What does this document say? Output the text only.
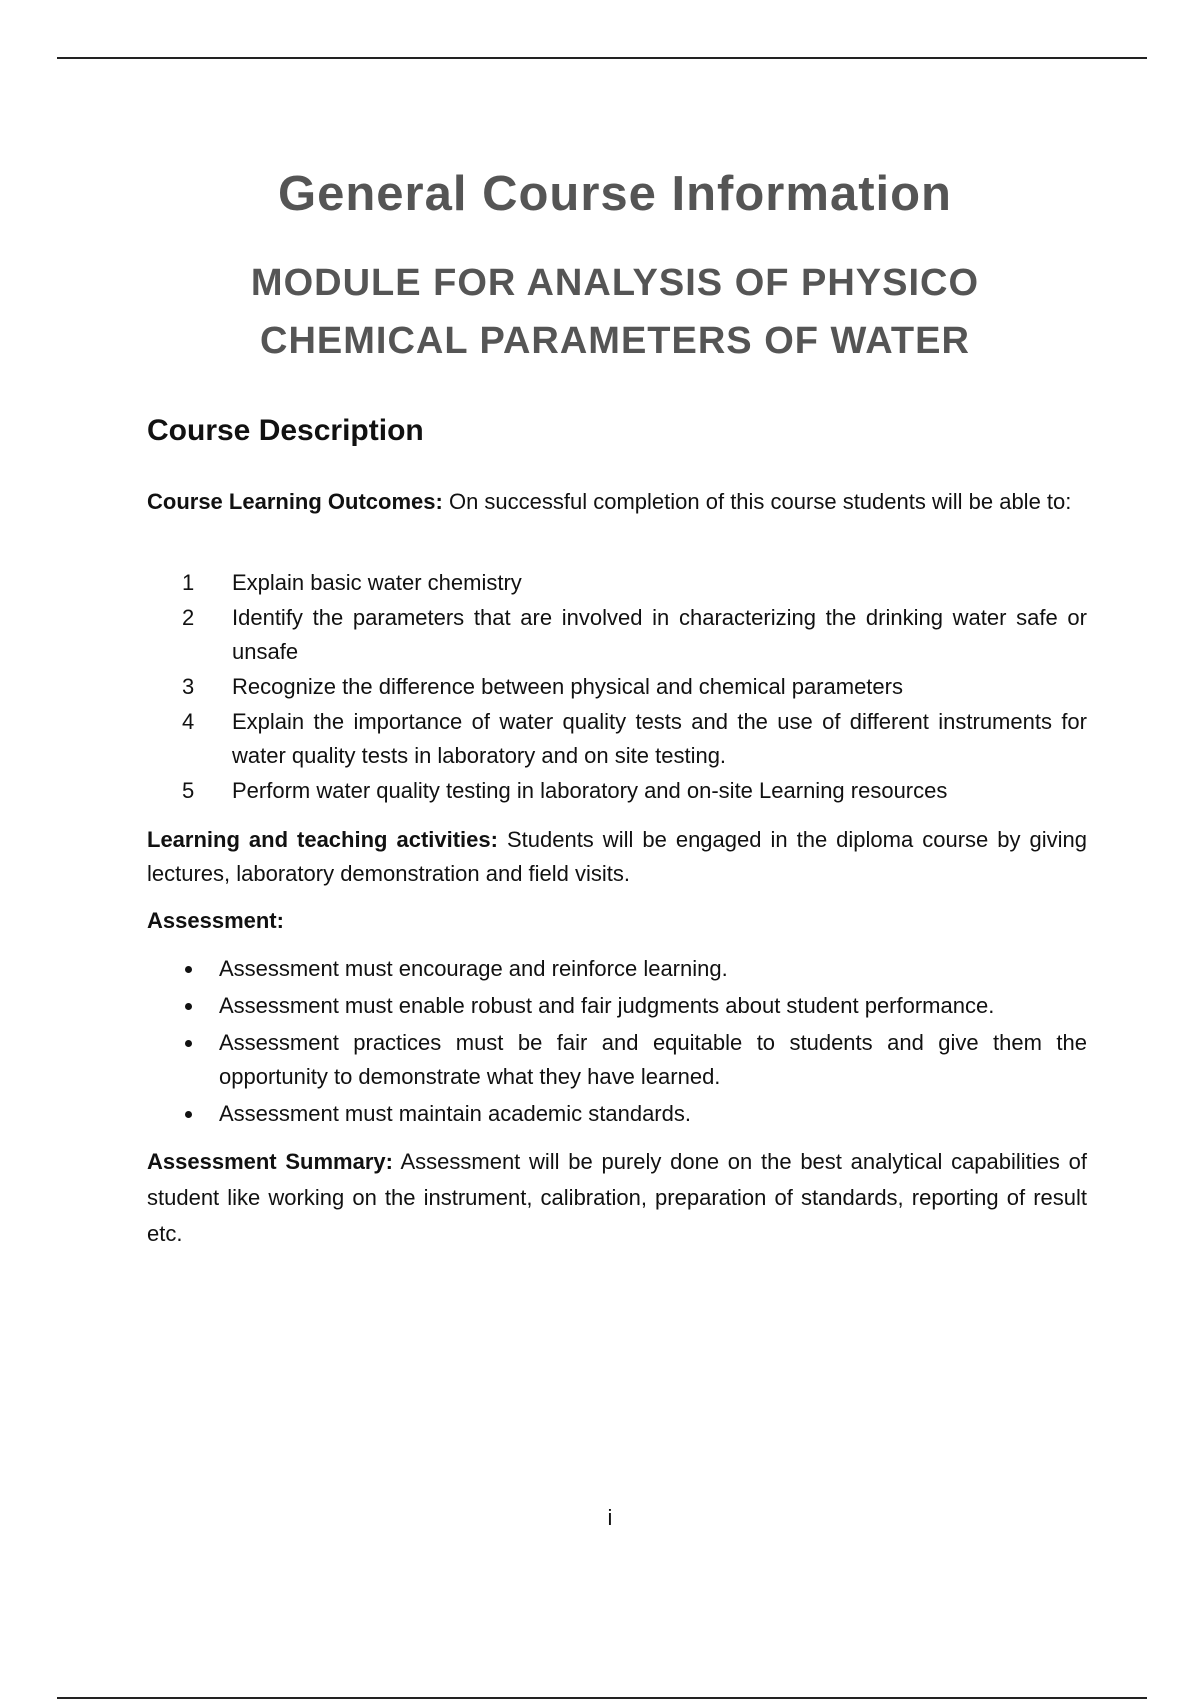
General Course Information
MODULE FOR ANALYSIS OF PHYSICO
CHEMICAL PARAMETERS OF WATER
Course Description
Course Learning Outcomes: On successful completion of this course students will be able to:
1 Explain basic water chemistry
2 Identify the parameters that are involved in characterizing the drinking water safe or unsafe
3 Recognize the difference between physical and chemical parameters
4 Explain the importance of water quality tests and the use of different instruments for water quality tests in laboratory and on site testing.
5 Perform water quality testing in laboratory and on-site Learning resources
Learning and teaching activities: Students will be engaged in the diploma course by giving lectures, laboratory demonstration and field visits.
Assessment:
Assessment must encourage and reinforce learning.
Assessment must enable robust and fair judgments about student performance.
Assessment practices must be fair and equitable to students and give them the opportunity to demonstrate what they have learned.
Assessment must maintain academic standards.
Assessment Summary: Assessment will be purely done on the best analytical capabilities of student like working on the instrument, calibration, preparation of standards, reporting of result etc.
i
